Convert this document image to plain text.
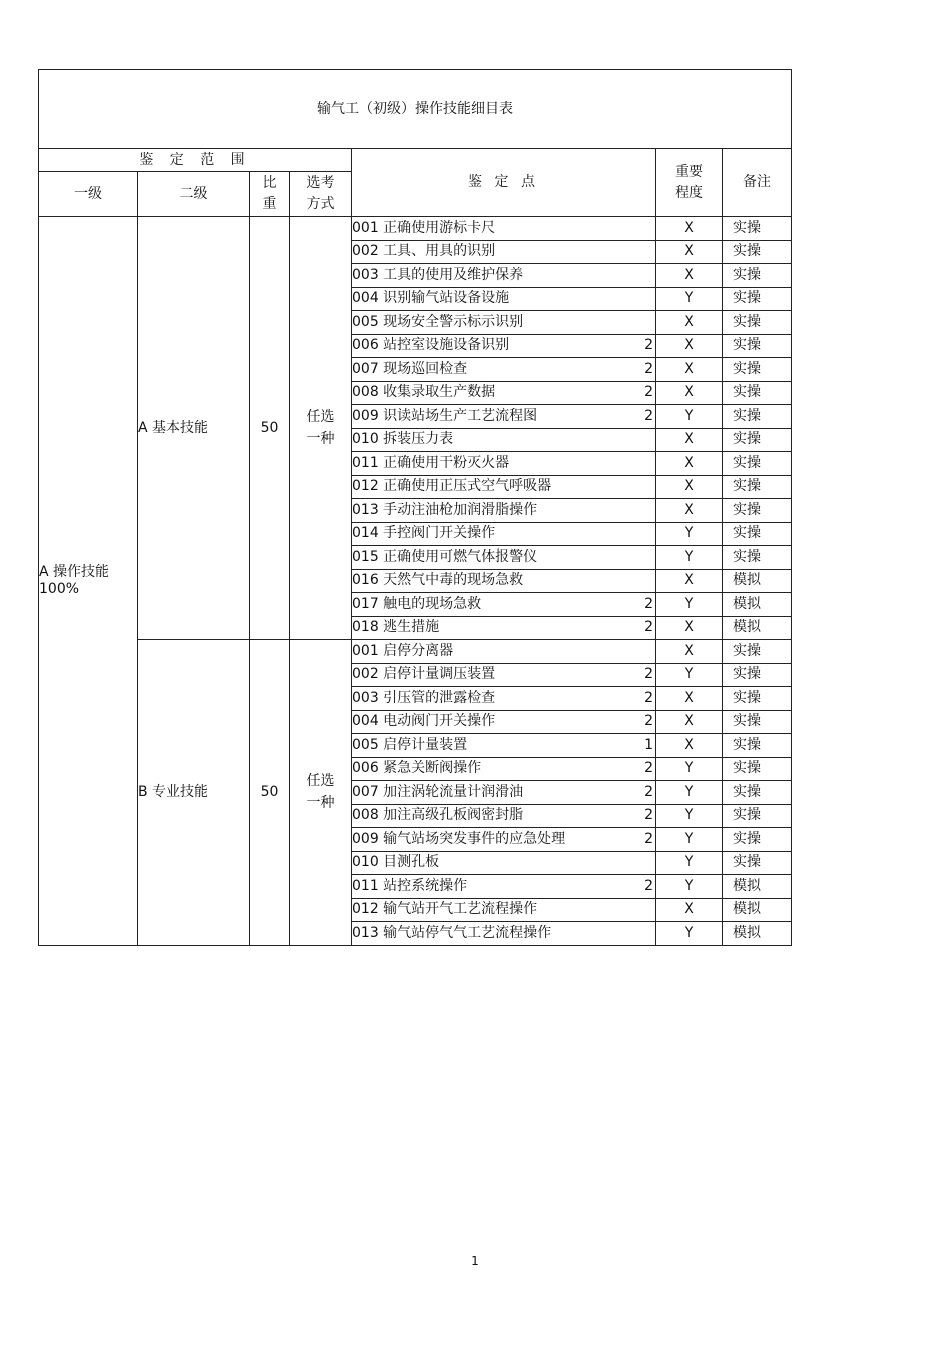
输气工（初级）操作技能细目表						
鉴 定 范 围				鉴 定 点	重要程度	备注
一级	二级	比重	选考方式			
A 操作技能 100%	A 基本技能	50	任选一种	001 正确使用游标卡尺	X	实操

				002 工具、用具的识别	X	实操

				003 工具的使用及维护保养	X	实操

				004 识别输气站设备设施	Y	实操

				005 现场安全警示标示识别	X	实操

				006 站控室设施设备识别 2	X	实操

				007 现场巡回检查 2	X	实操

				008 收集录取生产数据 2	X	实操

				009 识读站场生产工艺流程图 2	Y	实操

				010 拆装压力表	X	实操

				011 正确使用干粉灭火器	X	实操

				012 正确使用正压式空气呼吸器	X	实操

				013 手动注油枪加润滑脂操作	X	实操

				014 手控阀门开关操作	Y	实操

				015 正确使用可燃气体报警仪	Y	实操

				016 天然气中毒的现场急救	X	模拟

				017 触电的现场急救 2	Y	模拟

				018 逃生措施 2	X	模拟
	B 专业技能	50	任选一种	001 启停分离器	X	实操

				002 启停计量调压装置 2	Y	实操

				003 引压管的泄露检查 2	X	实操

				004 电动阀门开关操作 2	X	实操

				005 启停计量装置 1	X	实操

				006 紧急关断阀操作 2	Y	实操

				007 加注涡轮流量计润滑油 2	Y	实操

				008 加注高级孔板阀密封脂 2	Y	实操

				009 输气站场突发事件的应急处理 2	Y	实操

				010 目测孔板	Y	实操

				011 站控系统操作 2	Y	模拟

				012 输气站开气工艺流程操作	X	模拟

				013 输气站停气气工艺流程操作	Y	模拟
1
